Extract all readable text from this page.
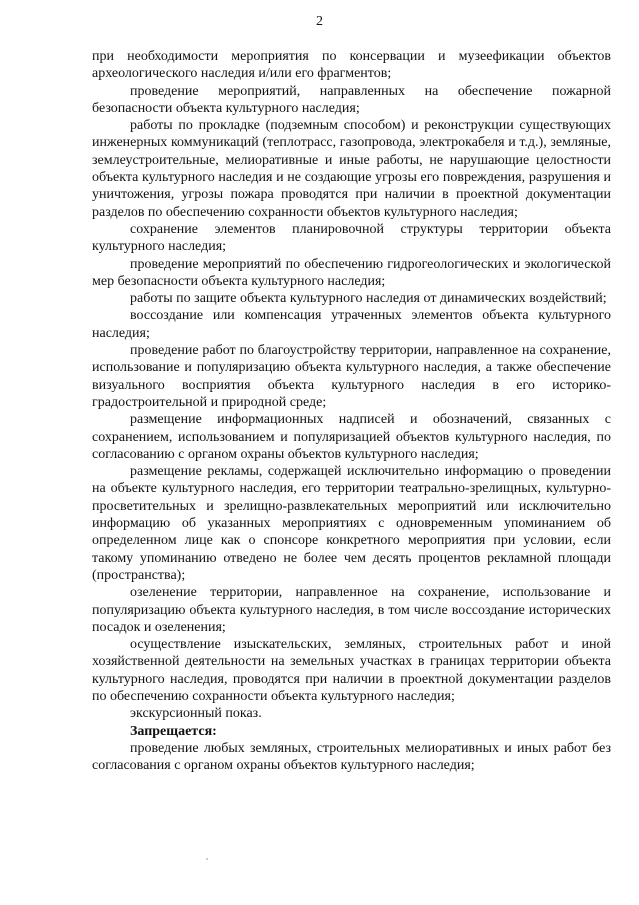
2

при необходимости мероприятия по консервации и музеефикации объектов археологического наследия и/или его фрагментов;

проведение мероприятий, направленных на обеспечение пожарной безопасности объекта культурного наследия;

работы по прокладке (подземным способом) и реконструкции существующих инженерных коммуникаций (теплотрасс, газопровода, электрокабеля и т.д.), земляные, землеустроительные, мелиоративные и иные работы, не нарушающие целостности объекта культурного наследия и не создающие угрозы его повреждения, разрушения и уничтожения, угрозы пожара проводятся при наличии в проектной документации разделов по обеспечению сохранности объектов культурного наследия;

сохранение элементов планировочной структуры территории объекта культурного наследия;

проведение мероприятий по обеспечению гидрогеологических и экологической мер безопасности объекта культурного наследия;

работы по защите объекта культурного наследия от динамических воздействий;

воссоздание или компенсация утраченных элементов объекта культурного наследия;

проведение работ по благоустройству территории, направленное на сохранение, использование и популяризацию объекта культурного наследия, а также обеспечение визуального восприятия объекта культурного наследия в его историко-градостроительной и природной среде;

размещение информационных надписей и обозначений, связанных с сохранением, использованием и популяризацией объектов культурного наследия, по согласованию с органом охраны объектов культурного наследия;

размещение рекламы, содержащей исключительно информацию о проведении на объекте культурного наследия, его территории театрально-зрелищных, культурно-просветительных и зрелищно-развлекательных мероприятий или исключительно информацию об указанных мероприятиях с одновременным упоминанием об определенном лице как о спонсоре конкретного мероприятия при условии, если такому упоминанию отведено не более чем десять процентов рекламной площади (пространства);

озеленение территории, направленное на сохранение, использование и популяризацию объекта культурного наследия, в том числе воссоздание исторических посадок и озеленения;

осуществление изыскательских, земляных, строительных работ и иной хозяйственной деятельности на земельных участках в границах территории объекта культурного наследия, проводятся при наличии в проектной документации разделов по обеспечению сохранности объекта культурного наследия;

экскурсионный показ.

Запрещается:

проведение любых земляных, строительных мелиоративных и иных работ без согласования с органом охраны объектов культурного наследия;
